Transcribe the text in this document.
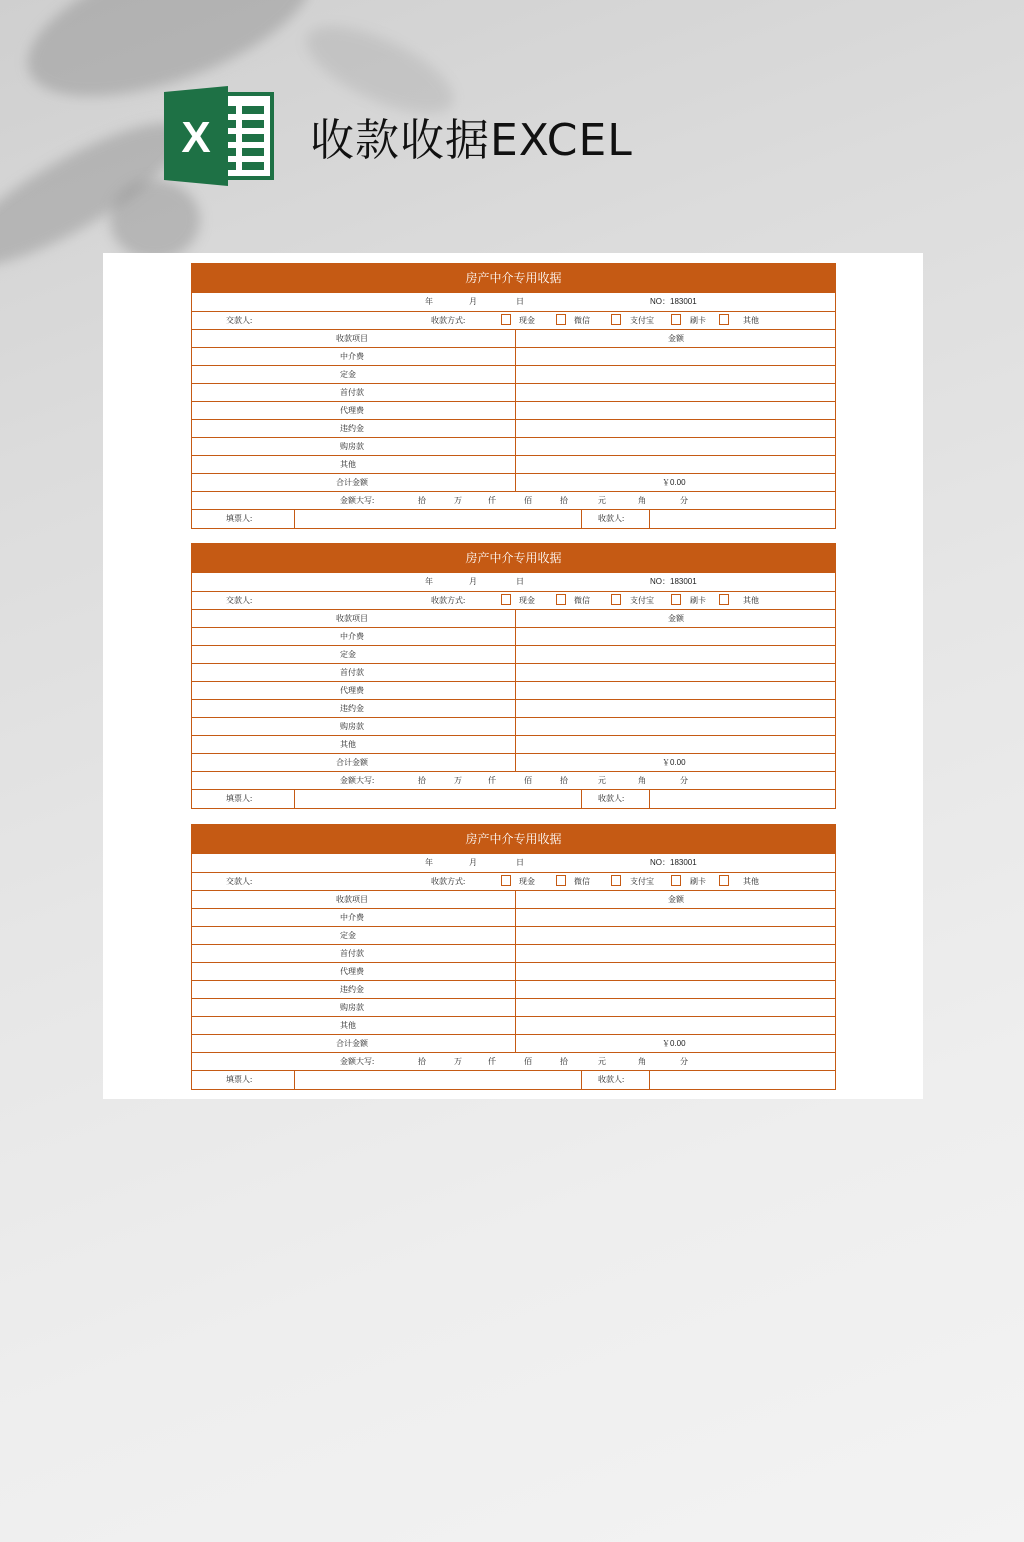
X 收款收据EXCEL
房产中介专用收据
年	月	日	NO：183001
交款人:	收款方式:	现金	微信	支付宝	刷卡	其他
收款项目	金额
中介费
定金
首付款
代理费
违约金
购房款
其他
合计金额	￥0.00
金额大写:	拾	万	仟	佰	拾	元	角	分
填票人:	收款人:
房产中介专用收据
年	月	日	NO：183001
交款人:	收款方式:	现金	微信	支付宝	刷卡	其他
收款项目	金额
中介费
定金
首付款
代理费
违约金
购房款
其他
合计金额	￥0.00
金额大写:	拾	万	仟	佰	拾	元	角	分
填票人:	收款人:
房产中介专用收据
年	月	日	NO：183001
交款人:	收款方式:	现金	微信	支付宝	刷卡	其他
收款项目	金额
中介费
定金
首付款
代理费
违约金
购房款
其他
合计金额	￥0.00
金额大写:	拾	万	仟	佰	拾	元	角	分
填票人:	收款人:
